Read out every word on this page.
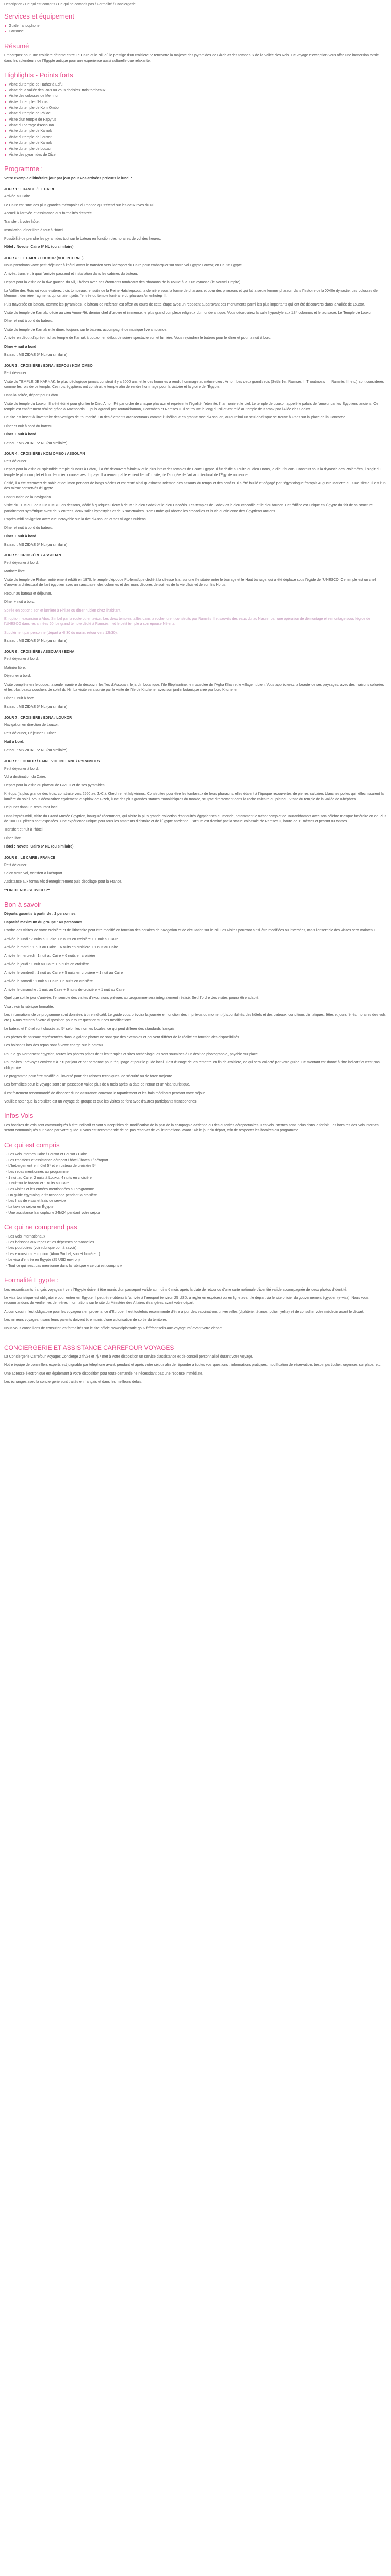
Description / Ce qui est compris / Ce qui ne compris pas / Formalité / Conciergerie
Services et équipement
Guide francophone
Carrousel
Résumé

Embarquez pour une croisière détente entre Le Caire et le Nil, où le prestige d'un croisière 5* rencontre la majesté des pyramides de Gizeh et des tombeaux de la Vallée des Rois. Ce voyage d'exception vous offre une immersion totale dans les splendeurs de l'Égypte antique pour une expérience aussi culturelle que relaxante.

Highlights - Points forts
Visite du temple de Hathor à Edfu
Visite de la vallée des Rois ou vous choisirez trois tombeaux
Visite des colosses de Memnon
Visite du temple d'Horus
Visite du temple de Kom Ombo
Visite du temple de Philae
Visite d'un temple de Papyrus
Visite du barrage d'Assouan
Visite du temple de Karnak
Visite du temple de Louxor
Visite du temple de Karnak
Visite du temple de Louxor
Visite des pyramides de Gizeh
Programme :

Votre exemple d'itinéraire jour par jour pour vos arrivées prévues le lundi :

JOUR 1 : FRANCE / LE CAIRE

Arrivée au Caire.

Le Caire est l'une des plus grandes métropoles du monde qui s'étend sur les deux rives du Nil.

Accueil à l'arrivée et assistance aux formalités d'entrée.

Transfert à votre hôtel.

Installation, dîner libre à tout à l'hôtel.

Possibilité de prendre les pyramides tout sur le bateau en fonction des horaires de vol des heures.

Hôtel : Novotel Cairo 6* NL (ou similaire)

JOUR 2 : LE CAIRE / LOUXOR (VOL INTERNE)

Nous prendrons votre petit-déjeuner à l'hôtel avant le transfert vers l'aéroport du Caire pour embarquer sur votre vol Egypte Louxor, en Haute Égypte.

Arrivée, transfert à quai l'arrivée passend et installation dans les cabines du bateau.

Départ pour la visite de la rive gauche du Nil, Thèbes avec ses étonnants tombeaux des pharaons de la XVIIIe à la XXe dynastie (le Nouvel Empire).

La Vallée des Rois où vous visiterez trois tombeaux, ensuite de la Reine Hatchepsout, la dernière sous la forme de pharaon, et pour des pharaons et qui fut la seule femme pharaon dans l'histoire de la XVIIIe dynastie. Les colosses de Memnon, dernière fragments qui ornaient jadis l'entrée du temple funéraire du pharaon Amenhotep III.

Puis traversée en bateau, comme les pyramides, le bâteau de Néfertari est offert au cours de cette étape avec un reposent auparavant ces monuments parmi les plus importants qui ont été découverts dans la vallée de Louxor.

Visite du temple de Karnak, dédié au dieu Amon-Rê, dernier chef d'œuvre et immense, le plus grand complexe religieux du monde antique. Vous découvrirez la salle hypostyle aux 134 colonnes et le lac sacré. Le Temple de Louxor.

Dîner et nuit à bord du bateau.

Visite du temple de Karnak et le dîner, toujours sur le bateau, accompagné de musique live ambiance.

Arrivée en début d'après-midi au temple de Karnak à Louxor, en début de soirée spectacle son et lumière. Vous rejoindrez le bateau pour le dîner et pour la nuit à bord.

Dîner + nuit à bord

Bateau : MS ZIDAE 5* NL (ou similaire)

JOUR 3 : CROISIÈRE / EDNA / EDFOU / KOM OMBO

Petit déjeuner.

Visite du TEMPLE DE KARNAK, le plus idéologique jamais construit il y a 2000 ans, et le des hommes a rendu hommage au même dieu : Amon. Les deux grands rois (Sethi 1er, Ramsès II, Thoutmosis III, Ramsès III, etc.) sont considérés comme les rois de ce temple. Ces rois égyptiens ont construit le temple afin de rendre hommage pour la victoire et la gloire de l'Égypte.

Dans la soirée, départ pour Edfou.

Visite du temple du Louxor. Il a été édifié pour glorifier le Dieu Amon Rê par ordre de chaque pharaon et représente l'égalité, l'éternité, l'harmonie et le ciel. Le temple de Louxor, appelé le palais de l'amour par les Égyptiens anciens. Ce temple est entièrement réalisé grâce à Aménophis III, puis agrandi par Toutankhamon, Horemheb et Ramsès II. Il se trouve le long du Nil et est relié au temple de Karnak par l'Allée des Sphinx.

Ce site est inscrit à l'inventaire des vestiges de l'humanité. Un des éléments architecturaux comme l'Obélisque en granite rose d'Assouan, aujourd'hui un seul obélisque se trouve à Paris sur la place de la Concorde.

Dîner et nuit à bord du bateau.

Dîner + nuit à bord

Bateau : MS ZIDAE 5* NL (ou similaire)

JOUR 4 : CROISIÈRE / KOM OMBO / ASSOUAN

Petit déjeuner.

Départ pour la visite du splendide temple d'Horus à Edfou, il a été découvert fabuleux et le plus intact des temples de Haute Égypte. Il fut dédié au culte du dieu Horus, le dieu faucon. Construit sous la dynastie des Ptolémées, il s'agit du temple le plus complet et l'un des mieux conservés du pays. Il a remarquable et tient lieu d'un site, de l'apogée de l'art architectural de l'Égypte ancienne.

Édifié, il a été recouvert de sable et de limon pendant de longs siècles et est resté ainsi quasiment indemne des assauts du temps et des conflits. Il a été fouillé et dégagé par l'égyptologue français Auguste Mariette au XIXe siècle. Il est l'un des mieux conservés d'Égypte.

Continuation de la navigation.

Visite du TEMPLE de KOM OMBO, en dessous, dédié à quelques Dieux à deux : le dieu Sobek et le dieu Haroéris. Les temples de Sobek et le dieu crocodile et le dieu faucon. Cet édifice est unique en Égypte du fait de sa structure parfaitement symétrique avec deux entrées, deux salles hypostyles et deux sanctuaires. Kom Ombo qui aborde les crocodiles et la vie quotidienne des Égyptiens anciens.

L'après-midi navigation avec vue incroyable sur la rive d'Assouan et ses villages nubiens.

Dîner et nuit à bord du bateau.

Dîner + nuit à bord

Bateau : MS ZIDAE 5* NL (ou similaire)

JOUR 5 : CROISIÈRE / ASSOUAN

Petit déjeuner à bord.

Matinée libre.

Visite du temple de Philae, entièrement rebâti en 1970, le temple d'époque Ptolémaïque dédié à la déesse Isis, sur une île située entre le barrage et le Haut barrage, qui a été déplacé sous l'égide de l'UNESCO. Ce temple est un chef d'œuvre architectural de l'art égyptien avec un sanctuaire, des colonnes et des murs décorés de scènes de la vie d'Isis et de son fils Horus.

Retour au bateau et déjeuner.

Dîner + nuit à bord.

Soirée en option : son et lumière à Philae ou dîner nubien chez l'habitant.

En option : excursion à Abou Simbel par la route ou en avion. Les deux temples taillés dans la roche furent construits par Ramsès II et sauvés des eaux du lac Nasser par une opération de démontage et remontage sous l'égide de l'UNESCO dans les années 60. Le grand temple dédié à Ramsès II et le petit temple à son épouse Néfertari.

Supplément par personne (départ à 4h30 du matin, retour vers 12h30).

Bateau : MS ZIDAE 5* NL (ou similaire)

JOUR 6 : CROISIÈRE / ASSOUAN / EDNA

Petit déjeuner à bord.

Matinée libre.

Déjeuner à bord.

Visite complète en felouque, la seule manière de découvrir les îles d'Assouan, le jardin botanique, l'île Éléphantine, le mausolée de l'Agha Khan et le village nubien. Vous apprécierez la beauté de ses paysages, avec des maisons colorées et les plus beaux couchers de soleil du Nil. La visite sera suivie par la visite de l'île de Kitchener avec son jardin botanique créé par Lord Kitchener.

Dîner + nuit à bord.

Bateau : MS ZIDAE 5* NL (ou similaire)

JOUR 7 : CROISIÈRE / EDNA / LOUXOR

Navigation en direction de Louxor.

Petit déjeuner, Déjeuner + Dîner.

Nuit à bord.

Bateau : MS ZIDAE 5* NL (ou similaire)

JOUR 8 : LOUXOR / CAIRE VOL INTERNE / PYRAMIDES

Petit déjeuner à bord.

Vol à destination du Caire.

Départ pour la visite du plateau de GIZEH et de ses pyramides.

Khéops (la plus grande des trois, construite vers 2560 av. J.-C.), Khéphren et Mykérinos. Construites pour être les tombeaux de leurs pharaons, elles étaient à l'époque recouvertes de pierres calcaires blanches polies qui réfléchissaient la lumière du soleil. Vous découvrirez également le Sphinx de Gizeh, l'une des plus grandes statues monolithiques du monde, sculpté directement dans la roche calcaire du plateau. Visite du temple de la vallée de Khéphren.

Déjeuner dans un restaurant local.

Dans l'après-midi, visite du Grand Musée Égyptien, inauguré récemment, qui abrite la plus grande collection d'antiquités égyptiennes au monde, notamment le trésor complet de Toutankhamon avec son célèbre masque funéraire en or. Plus de 100 000 pièces sont exposées. Une expérience unique pour tous les amateurs d'histoire et de l'Égypte ancienne. L'atrium est dominé par la statue colossale de Ramsès II, haute de 11 mètres et pesant 83 tonnes.

Transfert et nuit à l'hôtel.

Dîner libre.

Hôtel : Novotel Cairo 6* NL (ou similaire)

JOUR 9 : LE CAIRE / FRANCE

Petit déjeuner.

Selon votre vol, transfert à l'aéroport.

Assistance aux formalités d'enregistrement puis décollage pour la France.

**FIN DE NOS SERVICES**

Bon à savoir

Départs garantis à partir de : 2 personnes

Capacité maximum du groupe : 40 personnes

L'ordre des visites de votre croisière et de l'itinéraire peut être modifié en fonction des horaires de navigation et de circulation sur le Nil. Les visites pourront ainsi être modifiées ou inversées, mais l'ensemble des visites sera maintenu.

Arrivée le lundi : 7 nuits au Caire + 6 nuits en croisière + 1 nuit au Caire

Arrivée le mardi : 1 nuit au Caire + 6 nuits en croisière + 1 nuit au Caire

Arrivée le mercredi : 1 nuit au Caire + 6 nuits en croisière

Arrivée le jeudi : 1 nuit au Caire + 6 nuits en croisière

Arrivée le vendredi : 1 nuit au Caire + 5 nuits en croisière + 1 nuit au Caire

Arrivée le samedi : 1 nuit au Caire + 6 nuits en croisière

Arrivée le dimanche : 1 nuit au Caire + 6 nuits de croisière + 1 nuit au Caire

Quel que soit le jour d'arrivée, l'ensemble des visites d'excursions prévues au programme sera intégralement réalisé. Seul l'ordre des visites pourra être adapté.

Visa : voir la rubrique formalité.

Les informations de ce programme sont données à titre indicatif. Le guide vous prévoira la journée en fonction des imprévus du moment (disponibilités des hôtels et des bateaux, conditions climatiques, fêtes et jours fériés, horaires des vols, etc.). Nous restons à votre disposition pour toute question sur ces modifications.

Le bateau et l'hôtel sont classés au 5* selon les normes locales, ce qui peut différer des standards français.

Les photos de bateaux représentées dans la galerie photos ne sont que des exemples et peuvent différer de la réalité en fonction des disponibilités.

Les boissons lors des repas sont à votre charge sur le bateau.

Pour le gouvernement égyptien, toutes les photos prises dans les temples et sites archéologiques sont soumises à un droit de photographie, payable sur place.

Pourboires : prévoyez environ 5 à 7 € par jour et par personne pour l'équipage et pour le guide local. Il est d'usage de les remettre en fin de croisière, ce qui sera collecté par votre guide. Ce montant est donné à titre indicatif et n'est pas obligatoire.

Le programme peut être modifié ou inversé pour des raisons techniques, de sécurité ou de force majeure.

Les formalités pour le voyage sont : un passeport valide plus de 6 mois après la date de retour et un visa touristique.

Il est fortement recommandé de disposer d'une assurance couvrant le rapatriement et les frais médicaux pendant votre séjour.

Veuillez noter que la croisière est un voyage de groupe et que les visites se font avec d'autres participants francophones.

Infos Vols

Les horaires de vols sont communiqués à titre indicatif et sont susceptibles de modification de la part de la compagnie aérienne ou des autorités aéroportuaires. Les vols internes sont inclus dans le forfait. Les horaires des vols internes seront communiqués sur place par votre guide. Il vous est recommandé de ne pas réserver de vol international avant 14h le jour du départ, afin de respecter les horaires du programme.

Ce qui est compris
- Les vols internes Caire / Louxor et Louxor / Caire
- Les transferts et assistance aéroport / hôtel / bateau / aéroport
- L'hébergement en hôtel 5* et en bateau de croisière 5*
- Les repas mentionnés au programme
- 1 nuit au Caire, 2 nuits à Louxor, 4 nuits en croisière
- 7 nuit sur le bateau et 1 nuits au Caire
- Les visites et les entrées mentionnées au programme
- Un guide égyptologue francophone pendant la croisière
- Les frais de visas et frais de service
- La taxe de séjour en Égypte
- Une assistance francophone 24h/24 pendant votre séjour
Ce qui ne comprend pas
- Les vols internationaux
- Les boissons aux repas et les dépenses personnelles
- Les pourboires (voir rubrique bon à savoir)
- Les excursions en option (Abou Simbel, son et lumière...)
- Le visa d'entrée en Égypte (25 USD environ)
- Tout ce qui n'est pas mentionné dans la rubrique « ce qui est compris »
Formalité Egypte :

Les ressortissants français voyageant vers l'Égypte doivent être munis d'un passeport valide au moins 6 mois après la date de retour ou d'une carte nationale d'identité valide accompagnée de deux photos d'identité.

Le visa touristique est obligatoire pour entrer en Égypte. Il peut être obtenu à l'arrivée à l'aéroport (environ 25 USD, à régler en espèces) ou en ligne avant le départ via le site officiel du gouvernement égyptien (e-visa). Nous vous recommandons de vérifier les dernières informations sur le site du Ministère des Affaires étrangères avant votre départ.

Aucun vaccin n'est obligatoire pour les voyageurs en provenance d'Europe. Il est toutefois recommandé d'être à jour des vaccinations universelles (diphtérie, tétanos, poliomyélite) et de consulter votre médecin avant le départ.

Les mineurs voyageant sans leurs parents doivent être munis d'une autorisation de sortie du territoire.

Nous vous conseillons de consulter les formalités sur le site officiel www.diplomatie.gouv.fr/fr/conseils-aux-voyageurs/ avant votre départ.

CONCIERGERIE ET ASSISTANCE CARREFOUR VOYAGES

La Conciergerie Carrefour Voyages Concierge 24h/24 et 7j/7 met à votre disposition un service d'assistance et de conseil personnalisé durant votre voyage.

Notre équipe de conseillers experts est joignable par téléphone avant, pendant et après votre séjour afin de répondre à toutes vos questions : informations pratiques, modification de réservation, besoin particulier, urgences sur place, etc.

Une adresse électronique est également à votre disposition pour toute demande ne nécessitant pas une réponse immédiate.

Les échanges avec la conciergerie sont traités en français et dans les meilleurs délais.
